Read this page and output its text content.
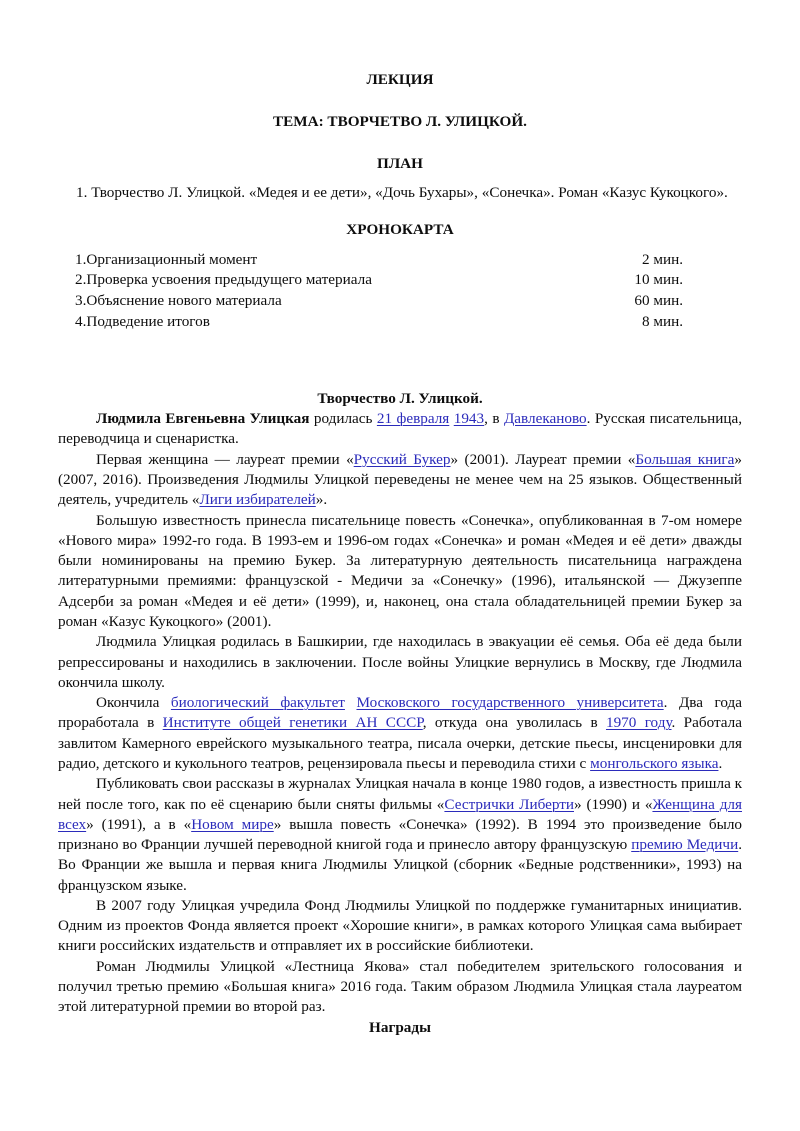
ЛЕКЦИЯ
ТЕМА: ТВОРЧЕТВО Л. УЛИЦКОЙ.
ПЛАН

1. Творчество Л. Улицкой. «Медея и ее дети», «Дочь Бухары», «Сонечка». Роман «Казус Кукоцкого».

ХРОНОКАРТА
1.Организационный момент	2 мин.
2.Проверка усвоения предыдущего материала	10 мин.
3.Объяснение нового материала	60 мин.
4.Подведение итогов	8 мин.
Творчество Л. Улицкой.

Людмила Евгеньевна Улицкая родилась 21 февраля 1943, в Давлеканово. Русская писательница, переводчица и сценаристка.

Первая женщина — лауреат премии «Русский Букер» (2001). Лауреат премии «Большая книга» (2007, 2016). Произведения Людмилы Улицкой переведены не менее чем на 25 языков. Общественный деятель, учредитель «Лиги избирателей».

Большую известность принесла писательнице повесть «Сонечка», опубликованная в 7-ом номере «Нового мира» 1992-го года. В 1993-ем и 1996-ом годах «Сонечка» и роман «Медея и её дети» дважды были номинированы на премию Букер. За литературную деятельность писательница награждена литературными премиями: французской - Медичи за «Сонечку» (1996), итальянской — Джузеппе Адсерби за роман «Медея и её дети» (1999), и, наконец, она стала обладательницей премии Букер за роман «Казус Кукоцкого» (2001).

Людмила Улицкая родилась в Башкирии, где находилась в эвакуации её семья. Оба её деда были репрессированы и находились в заключении. После войны Улицкие вернулись в Москву, где Людмила окончила школу.

Окончила биологический факультет Московского государственного университета. Два года проработала в Институте общей генетики АН СССР, откуда она уволилась в 1970 году. Работала завлитом Камерного еврейского музыкального театра, писала очерки, детские пьесы, инсценировки для радио, детского и кукольного театров, рецензировала пьесы и переводила стихи с монгольского языка.

Публиковать свои рассказы в журналах Улицкая начала в конце 1980 годов, а известность пришла к ней после того, как по её сценарию были сняты фильмы «Сестрички Либерти» (1990) и «Женщина для всех» (1991), а в «Новом мире» вышла повесть «Сонечка» (1992). В 1994 это произведение было признано во Франции лучшей переводной книгой года и принесло автору французскую премию Медичи. Во Франции же вышла и первая книга Людмилы Улицкой (сборник «Бедные родственники», 1993) на французском языке.

В 2007 году Улицкая учредила Фонд Людмилы Улицкой по поддержке гуманитарных инициатив. Одним из проектов Фонда является проект «Хорошие книги», в рамках которого Улицкая сама выбирает книги российских издательств и отправляет их в российские библиотеки.

Роман Людмилы Улицкой «Лестница Якова» стал победителем зрительского голосования и получил третью премию «Большая книга» 2016 года. Таким образом Людмила Улицкая стала лауреатом этой литературной премии во второй раз.

Награды
